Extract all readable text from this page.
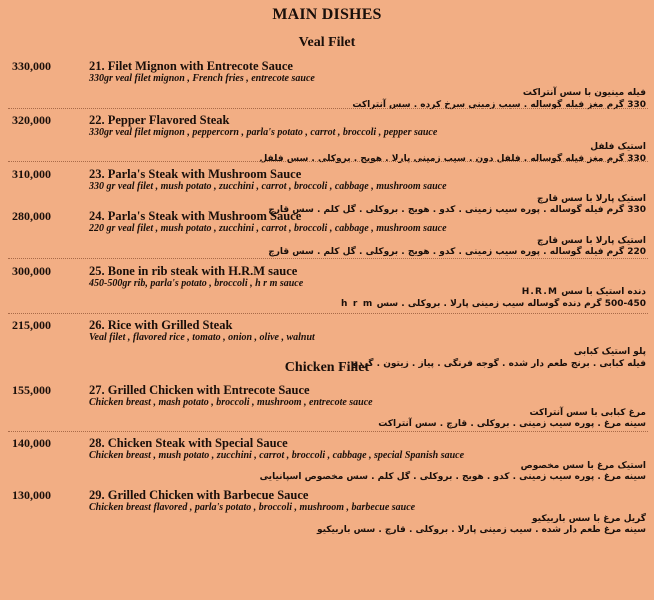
MAIN DISHES
Veal Filet
330,000	21. Filet Mignon with Entrecote Sauce
330gr veal filet mignon , French fries , entrecote sauce
فیله مینیون با سس آنتراکت
330 گرم مغز فیله گوساله . سیب زمینی سرخ کرده . سس آنتراکت
320,000	22. Pepper Flavored Steak
330gr veal filet mignon , peppercorn , parla's potato , carrot , broccoli , pepper sauce
استیک فلفل
330 گرم مغز فیله گوساله . فلفل دون . سیب زمینی پارلا . هویج . بروکلی . سس فلفل
310,000	23. Parla's Steak with Mushroom Sauce
330 gr veal filet , mush potato , zucchini , carrot , broccoli , cabbage , mushroom sauce
استیک پارلا با سس قارچ
330 گرم فیله گوساله . پوره سیب زمینی . کدو . هویج . بروکلی . گل کلم . سس قارچ
280,000	24. Parla's Steak with Mushroom Sauce
220 gr veal filet , mush potato , zucchini , carrot , broccoli , cabbage , mushroom sauce
استیک پارلا با سس قارچ
220 گرم فیله گوساله . پوره سیب زمینی . کدو . هویج . بروکلی . گل کلم . سس قارچ
300,000	25. Bone in rib steak with H.R.M sauce
450-500gr rib, parla's potato , broccoli , h r m sauce
دنده استیک با سس H.R.M
500-450 گرم دنده گوساله سیب زمینی پارلا . بروکلی . سس h r m
215,000	26. Rice with Grilled Steak
Veal filet , flavored rice , tomato , onion , olive , walnut
پلو استیک کبابی
فیله کبابی . برنج طعم دار شده . گوجه فرنگی . پیاز . زیتون . گردو
Chicken Fillet
155,000	27. Grilled Chicken with Entrecote Sauce
Chicken breast , mash potato , broccoli , mushroom , entrecote sauce
مرغ کبابی با سس آنتراکت
سینه مرغ . پوره سیب زمینی . بروکلی . قارچ . سس آنتراکت
140,000	28. Chicken Steak with Special Sauce
Chicken breast , mush potato , zucchini , carrot , broccoli , cabbage , special Spanish sauce
استیک مرغ با سس مخصوص
سینه مرغ . پوره سیب زمینی . کدو . هویج . بروکلی . گل کلم . سس مخصوص اسپانیایی
130,000	29. Grilled Chicken with Barbecue Sauce
Chicken breast flavored , parla's potato , broccoli , mushroom , barbecue sauce
گریل مرغ با سس باربیکیو
سینه مرغ طعم دار شده . سیب زمینی پارلا . بروکلی . قارچ . سس باربیکیو
